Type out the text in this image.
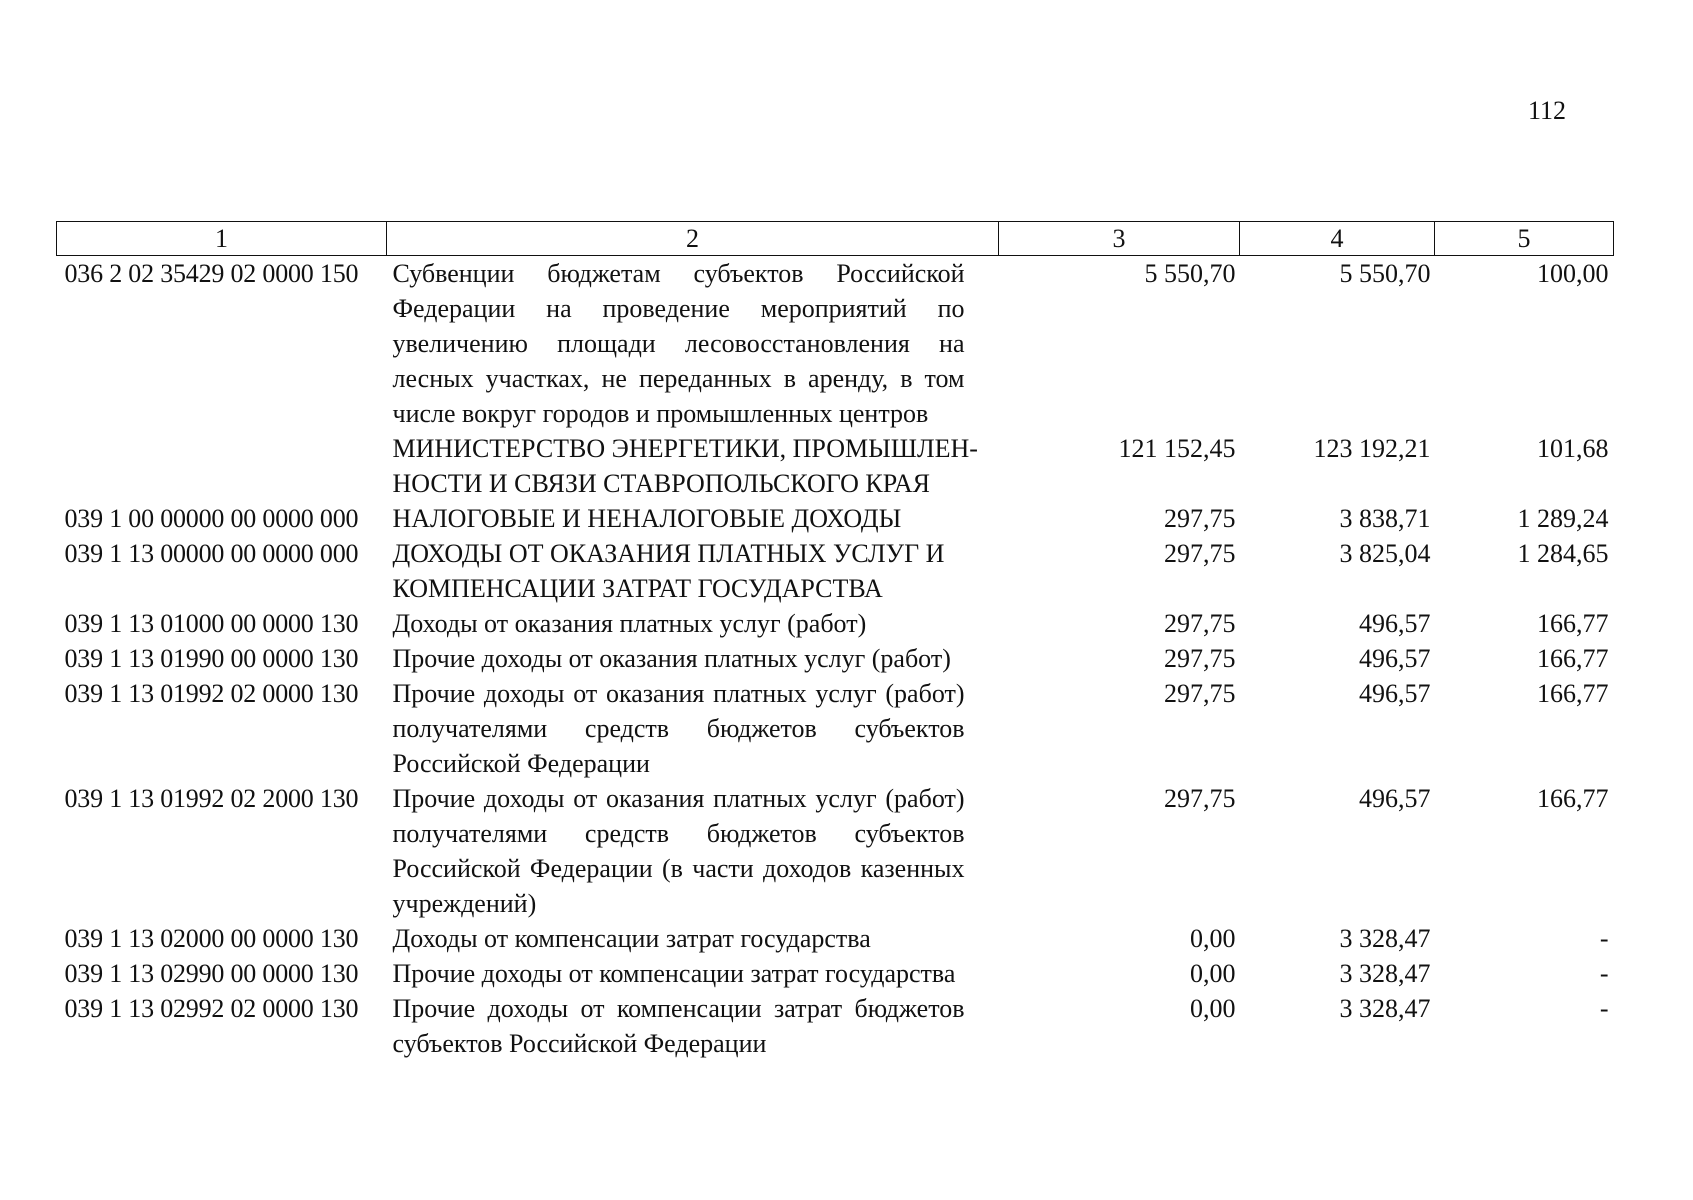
112
1	2	3	4	5
036 2 02 35429 02 0000 150	Субвенции бюджетам субъектов Российской Федерации на проведение мероприятий по увеличению площади лесовосстановления на лесных участках, не переданных в аренду, в том числе вокруг городов и промышленных центров	5 550,70	5 550,70	100,00
	МИНИСТЕРСТВО ЭНЕРГЕТИКИ, ПРОМЫШЛЕН-НОСТИ И СВЯЗИ СТАВРОПОЛЬСКОГО КРАЯ	121 152,45	123 192,21	101,68
039 1 00 00000 00 0000 000	НАЛОГОВЫЕ И НЕНАЛОГОВЫЕ ДОХОДЫ	297,75	3 838,71	1 289,24
039 1 13 00000 00 0000 000	ДОХОДЫ ОТ ОКАЗАНИЯ ПЛАТНЫХ УСЛУГ И КОМПЕНСАЦИИ ЗАТРАТ ГОСУДАРСТВА	297,75	3 825,04	1 284,65
039 1 13 01000 00 0000 130	Доходы от оказания платных услуг (работ)	297,75	496,57	166,77
039 1 13 01990 00 0000 130	Прочие доходы от оказания платных услуг (работ)	297,75	496,57	166,77
039 1 13 01992 02 0000 130	Прочие доходы от оказания платных услуг (работ) получателями средств бюджетов субъектов Российской Федерации	297,75	496,57	166,77
039 1 13 01992 02 2000 130	Прочие доходы от оказания платных услуг (работ) получателями средств бюджетов субъектов Российской Федерации (в части доходов казенных учреждений)	297,75	496,57	166,77
039 1 13 02000 00 0000 130	Доходы от компенсации затрат государства	0,00	3 328,47	-
039 1 13 02990 00 0000 130	Прочие доходы от компенсации затрат государства	0,00	3 328,47	-
039 1 13 02992 02 0000 130	Прочие доходы от компенсации затрат бюджетов субъектов Российской Федерации	0,00	3 328,47	-
